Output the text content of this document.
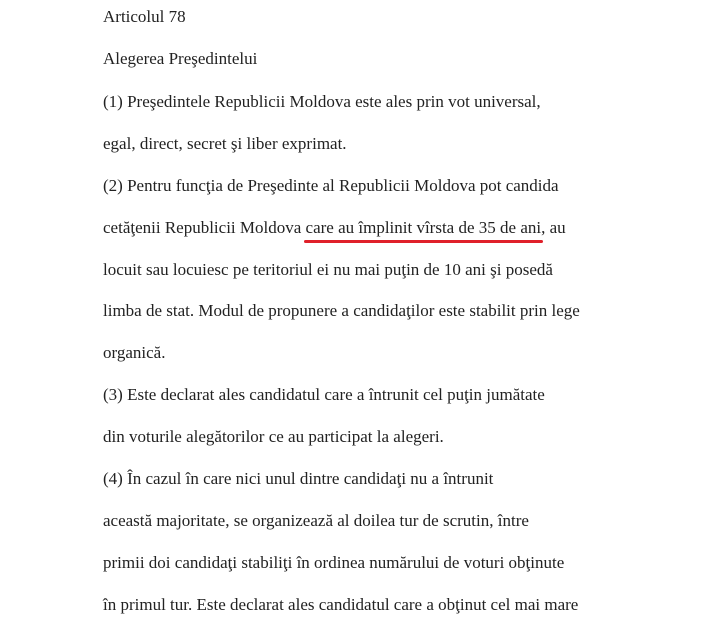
Articolul 78

Alegerea Preşedintelui

(1) Preşedintele Republicii Moldova este ales prin vot universal,

egal, direct, secret şi liber exprimat.

(2) Pentru funcţia de Preşedinte al Republicii Moldova pot candida

cetăţenii Republicii Moldova care au împlinit vîrsta de 35 de ani, au

locuit sau locuiesc pe teritoriul ei nu mai puţin de 10 ani şi posedă

limba de stat. Modul de propunere a candidaţilor este stabilit prin lege

organică.

(3) Este declarat ales candidatul care a întrunit cel puţin jumătate

din voturile alegătorilor ce au participat la alegeri.

(4) În cazul în care nici unul dintre candidaţi nu a întrunit

această majoritate, se organizează al doilea tur de scrutin, între

primii doi candidaţi stabiliţi în ordinea numărului de voturi obţinute

în primul tur. Este declarat ales candidatul care a obţinut cel mai mare
